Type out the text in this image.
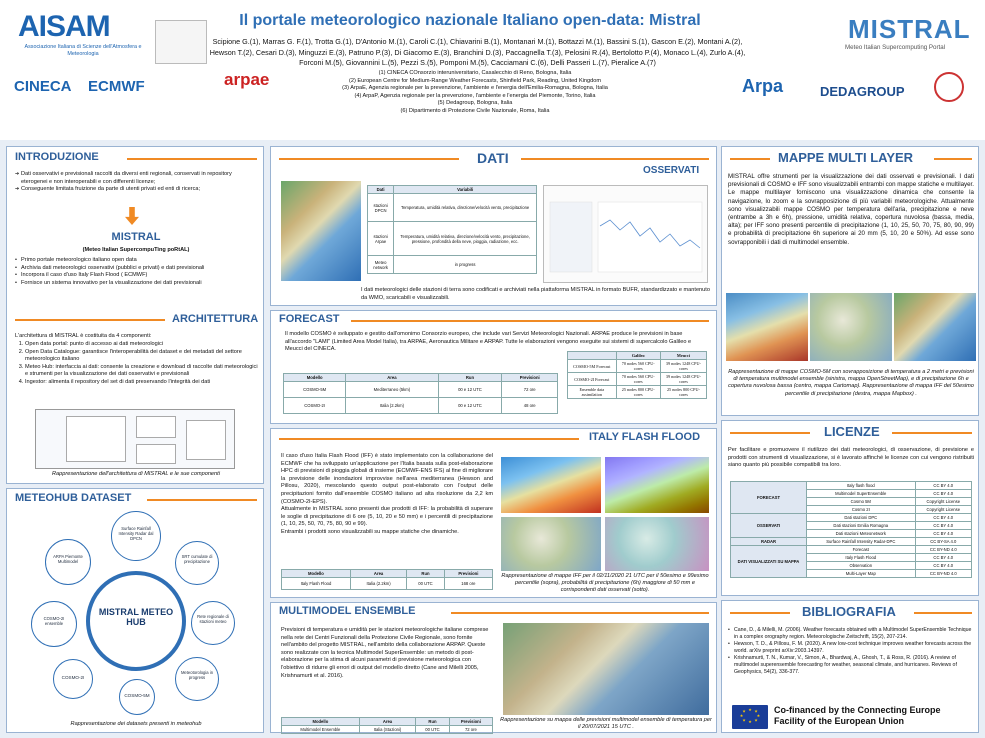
AISAM
Associazione Italiana di Scienze dell'Atmosfera e Meteorologia
CINECA ECMWF	arpae
Il portale meteorologico nazionale Italiano open-data: Mistral
Scipione G.(1), Marras G. F.(1), Trotta G.(1), D'Antonio M.(1), Caroli C.(1), Chiavarini B.(1), Montanari M.(1), Bottazzi M.(1), Bassini S.(1), Gascon E.(2), Montani A.(2), Hewson T.(2), Cesari D.(3), Minguzzi E.(3), Patruno P.(3), Di Giacomo E.(3), Branchini D.(3), Paccagnella T.(3), Pelosini R.(4), Bertolotto P.(4), Monaco L.(4), Zurlo A.(4), Forconi M.(5), Giovannini L.(5), Pezzi S.(5), Pomponi M.(5), Cacciamani C.(6), Delli Passeri L.(7), Pieralice A.(7)
(1) CINECA COnsorzio interuniversitario, Casalecchio di Reno, Bologna, Italia
(2) European Centre for Medium-Range Weather Forecasts, Shinfield Park, Reading, United Kingdom
(3) ArpaE, Agenzia regionale per la prevenzione, l'ambiente e l'energia dell'Emilia-Romagna, Bologna, Italia
(4) ArpaP, Agenzia regionale per la prevenzione, l'ambiente e l'energia del Piemonte, Torino, Italia
(5) Dedagroup, Bologna, Italia
(6) Dipartimento di Protezione Civile Nazionale, Roma, Italia
MISTRAL
Meteo Italian Supercomputing Portal
Arpa	DEDAGROUP
INTRODUZIONE
➔ Dati osservativi e previsionali raccolti da diversi enti regionali, conservati in repository eterogenei e non interoperabili e con differenti licenze;
➔ Conseguente limitata fruizione da parte di utenti privati ed enti di ricerca;
MISTRAL
(Meteo Italian SupercompuTing poRtAL)
• Primo portale meteorologico italiano open data
• Archivia dati meteorologici osservativi (pubblici e privati) e dati previsionali
• Incorpora il caso d'uso Italy Flash Flood ( ECMWF)
• Fornisce un sistema innovativo per la visualizzazione dei dati previsionali
ARCHITETTURA
L'architettura di MISTRAL è costituita da 4 componenti:
1. Open data portal: punto di accesso ai dati meteorologici
2. Open Data Catalogue: garantisce l'interoperabilità dei dataset e dei metadati del settore meteorologico italiano
3. Meteo Hub: interfaccia ai dati: consente la creazione e download di raccolte dati meteorologici e strumenti per la visualizzazione dei dati osservativi e previsionali
4. Ingestor: alimenta il repository del set di dati preservando l'integrità dei dati
Rappresentazione dell'architettura di MISTRAL e le sue componenti
METEOHUB DATASET
MISTRAL METEO HUB
Surface Rainfall Intensity Radar dal DPCN
SRT cumulate di precipitazione
Rete regionale di stazioni meteo
Meteotorologia in progress
COSMO-5M
COSMO-2I
COSMO-2I ensemble
ARPA Piemonte Multimodel
Rappresentazione dei datasets presenti in meteohub
DATI
OSSERVATI
Dati	Variabili
stazioni DPCN	Temperatura, umidità relativa, direzione/velocità vento, precipitazione
stazioni Arpae	Temperatura, umidità relativa, direzione/velocità vento, precipitazione, pressione, profondità della neve, pioggia, radiazione, ecc.
Meteo network	in progress
I dati meteorologici delle stazioni di terra sono codificati e archiviati nella piattaforma MISTRAL in formato BUFR, standardizzato e mantenuto da WMO, scaricabili e visualizzabili.
FORECAST
Il modello COSMO è sviluppato e gestito dall'omonimo Consorzio europeo, che include vari Servizi Meteorologici Nazionali. ARPAE produce le previsioni in base all'accordo "LAMI" (Limited Area Model Italia), tra ARPAE, Aeronautica Militare e ARPAP. Tutte le elaborazioni vengono eseguite sui sistemi di supercalcolo Galileo e Meucci del CINECA.
Modello	Area	Run	Previsioni
COSMO-5M	Mediterraneo (5km)	00 e 12 UTC	72 ore
COSMO-2I	Italia (2.2km)	00 e 12 UTC	48 ore
	Galileo	Meucci
COSMO-5M Forecast	70 nodes 560 CPU-cores	39 nodes 1248 CPU-cores
COSMO-2I Forecast	70 nodes 560 CPU-cores	39 nodes 1248 CPU-cores
Ensemble data assimilation	25 nodes 800 CPU-cores	25 nodes 800 CPU-cores
ITALY FLASH FLOOD

Il caso d'uso Italia Flash Flood (IFF) è stato implementato con la collaborazione del ECMWF che ha sviluppato un'applicazione per l'Italia basata sulla post-elaborazione HPC di previsioni di pioggia globali di insieme (ECMWF-ENS IFS) al fine di migliorare la previsione delle inondazioni improvvise nell'area mediterranea (Hewson and Pillosu, 2020), mescolando questo output post-elaborato con l'output delle precipitazioni fornito dall'ensemble COSMO italiano ad alta risoluzione da 2,2 km (COSMO-2I-EPS).

Attualmente in MISTRAL sono presenti due prodotti di IFF: la probabilità di superare le soglie di precipitazione di 6 ore (5, 10, 20 e 50 mm) e i percentili di precipitazione (1, 10, 25, 50, 70, 75, 80, 90 e 99).

Entrambi i prodotti sono visualizzabili su mappe statiche che dinamiche.

Modello	Area	Run	Previsioni
Italy Flash Flood	Italia (2.2km)	00 UTC	168 ore
Rappresentazione di mappe IFF per il 02/11/2020 21 UTC per il 50esimo e 99esimo percentile (sopra), probabilità di precipitazione (6h) maggiore di 50 mm e corrispondenti dati osservati (sotto).
MULTIMODEL ENSEMBLE
Previsioni di temperatura e umidità per le stazioni meteorologiche italiane comprese nella rete dei Centri Funzionali della Protezione Civile Regionale, sono fornite nell'ambito del progetto MISTRAL, nell'ambito della collaborazione ARPAP. Queste sono realizzate con la tecnica Multimodel SuperEnsemble: un metodo di post-elaborazione per la stima di alcuni parametri di previsione meteorologica con l'obiettivo di ridurre gli errori di output del modello diretto (Cane and Milelli 2005, Krishnamurti et al. 2016).
Modello	Area	Run	Previsioni
Multimodel Ensemble	Italia (Stazioni)	00 UTC	72 ore
Rappresentazione su mappa delle previsioni multimodel ensemble di temperatura per il 20/07/2021 15 UTC .
MAPPE MULTI LAYER
MISTRAL offre strumenti per la visualizzazione dei dati osservati e previsionali. I dati previsionali di COSMO e IFF sono visualizzabili entrambi con mappe statiche e multilayer. Le mappe multilayer forniscono una visualizzazione dinamica che consente la navigazione, lo zoom e la sovrapposizione di più variabili meteorologiche. Attualmente sono visualizzabili mappe COSMO per temperatura dell'aria, precipitazione e neve (entrambe a 3h e 6h), pressione, umidità relativa, copertura nuvolosa (bassa, media, alta); per IFF sono presenti percentile di precipitazione (1, 10, 25, 50, 70, 75, 80, 90, 99) e probabilità di precipitazione 6h superiore ai 20 mm (5, 10, 20 e 50%). Ad esse sono sovrapponibili i dati di multimodel ensemble.
Rappresentazione di mappe COSMO-5M con sovrapposizione di temperatura a 2 metri e previsioni di temperatura multimodel ensemble (sinistra, mappa OpenStreetMap), e di precipitazione 6h e copertura nuvolosa bassa (centro, mappa Cartomap). Rappresentazione di mappa IFF del 50esimo percentile di precipitazione (destra, mappa Mapbox) .
LICENZE
Per facilitare e promuovere il riutilizzo dei dati meteorologici, di osservazione, di previsione e prodotti con strumenti di visualizzazione, si è lavorato affinché le licenze con cui vengono ristribuiti siano quanto più possibile compatibili tra loro.
FORECAST	Italy flash flood	CC BY 4.0
	Multimodel SuperEnsemble	CC BY 4.0
	Cosmo 5M	Copyright License
	Cosmo 2I	Copyright License
OSSERVATI	Dati stazioni DPC	CC BY 4.0
	Dati stazioni Emilia Romagna	CC BY 4.0
	Dati stazioni Meteonetwork	CC BY 4.0
RADAR	Surface Rainfall Intensity Radar-DPC	CC BY-SA 4.0
DATI VISUALIZZATI SU MAPPA	Forecast	CC BY-ND 4.0
	Italy Flash Flood	CC BY 4.0
	Observation	CC BY 4.0
	Multi-Layer Map	CC BY-ND 4.0
BIBLIOGRAFIA
• Cane, D., & Milelli, M. (2006). Weather forecasts obtained with a Multimodel SuperEnsemble Technique in a complex orography region. Meteorologische Zeitschrift, 15(2), 207-214.
• Hewson, T. D., & Pillosu, F. M. (2020). A new low-cost technique improves weather forecasts across the world. arXiv preprint arXiv:2003.14397.
• Krishnamurti, T. N., Kumar, V., Simon, A., Bhardwaj, A., Ghosh, T., & Ross, R. (2016). A review of multimodel superensemble forecasting for weather, seasonal climate, and hurricanes. Reviews of Geophysics, 54(2), 336-377.
★ ★
★
★
★
★
★
★	Co-financed by the Connecting Europe Facility of the European Union
